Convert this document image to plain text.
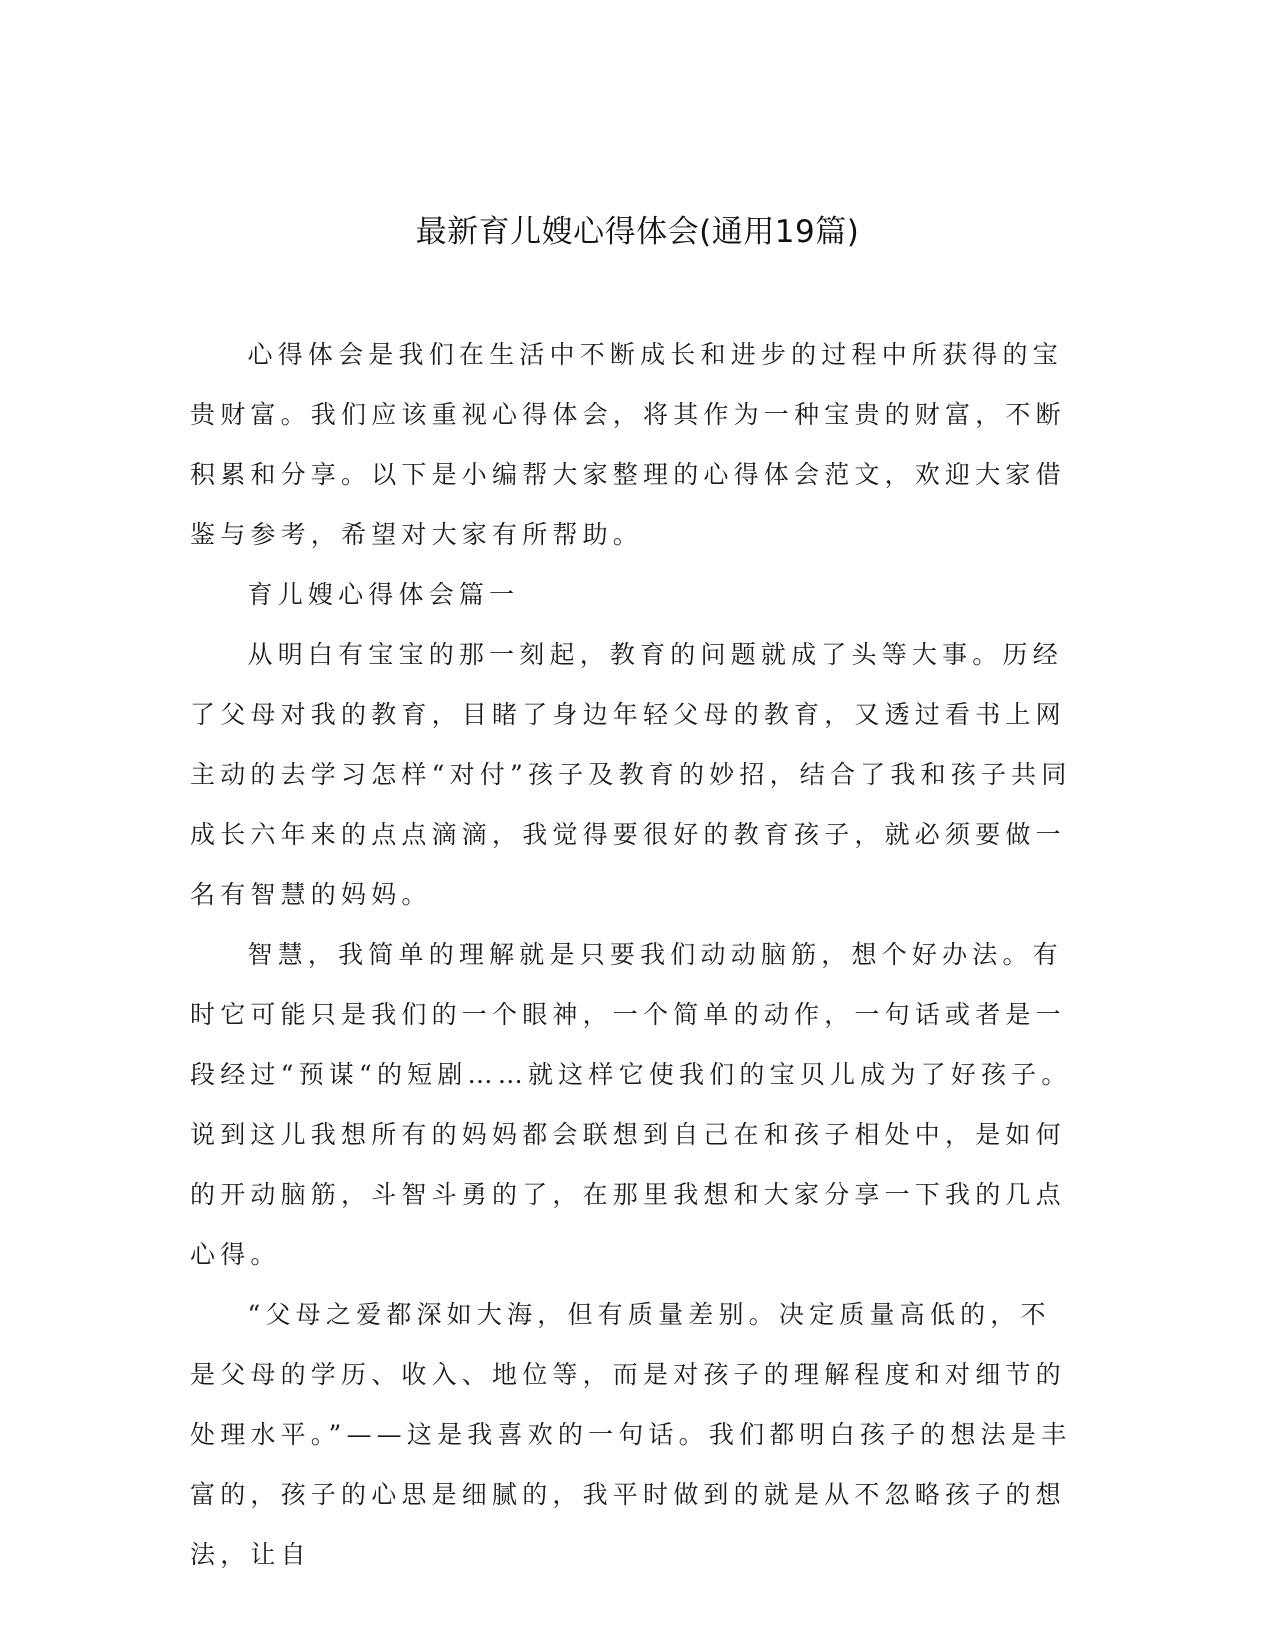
最新育儿嫂心得体会(通用19篇)

心得体会是我们在生活中不断成长和进步的过程中所获得的宝贵财富。我们应该重视心得体会，将其作为一种宝贵的财富，不断积累和分享。以下是小编帮大家整理的心得体会范文，欢迎大家借鉴与参考，希望对大家有所帮助。

育儿嫂心得体会篇一

从明白有宝宝的那一刻起，教育的问题就成了头等大事。历经了父母对我的教育，目睹了身边年轻父母的教育，又透过看书上网主动的去学习怎样“对付”孩子及教育的妙招，结合了我和孩子共同成长六年来的点点滴滴，我觉得要很好的教育孩子，就必须要做一名有智慧的妈妈。

智慧，我简单的理解就是只要我们动动脑筋，想个好办法。有时它可能只是我们的一个眼神，一个简单的动作，一句话或者是一段经过“预谋“的短剧……就这样它使我们的宝贝儿成为了好孩子。说到这儿我想所有的妈妈都会联想到自己在和孩子相处中，是如何的开动脑筋，斗智斗勇的了，在那里我想和大家分享一下我的几点心得。

“父母之爱都深如大海，但有质量差别。决定质量高低的，不是父母的学历、收入、地位等，而是对孩子的理解程度和对细节的处理水平。”——这是我喜欢的一句话。我们都明白孩子的想法是丰富的，孩子的心思是细腻的，我平时做到的就是从不忽略孩子的想法，让自
